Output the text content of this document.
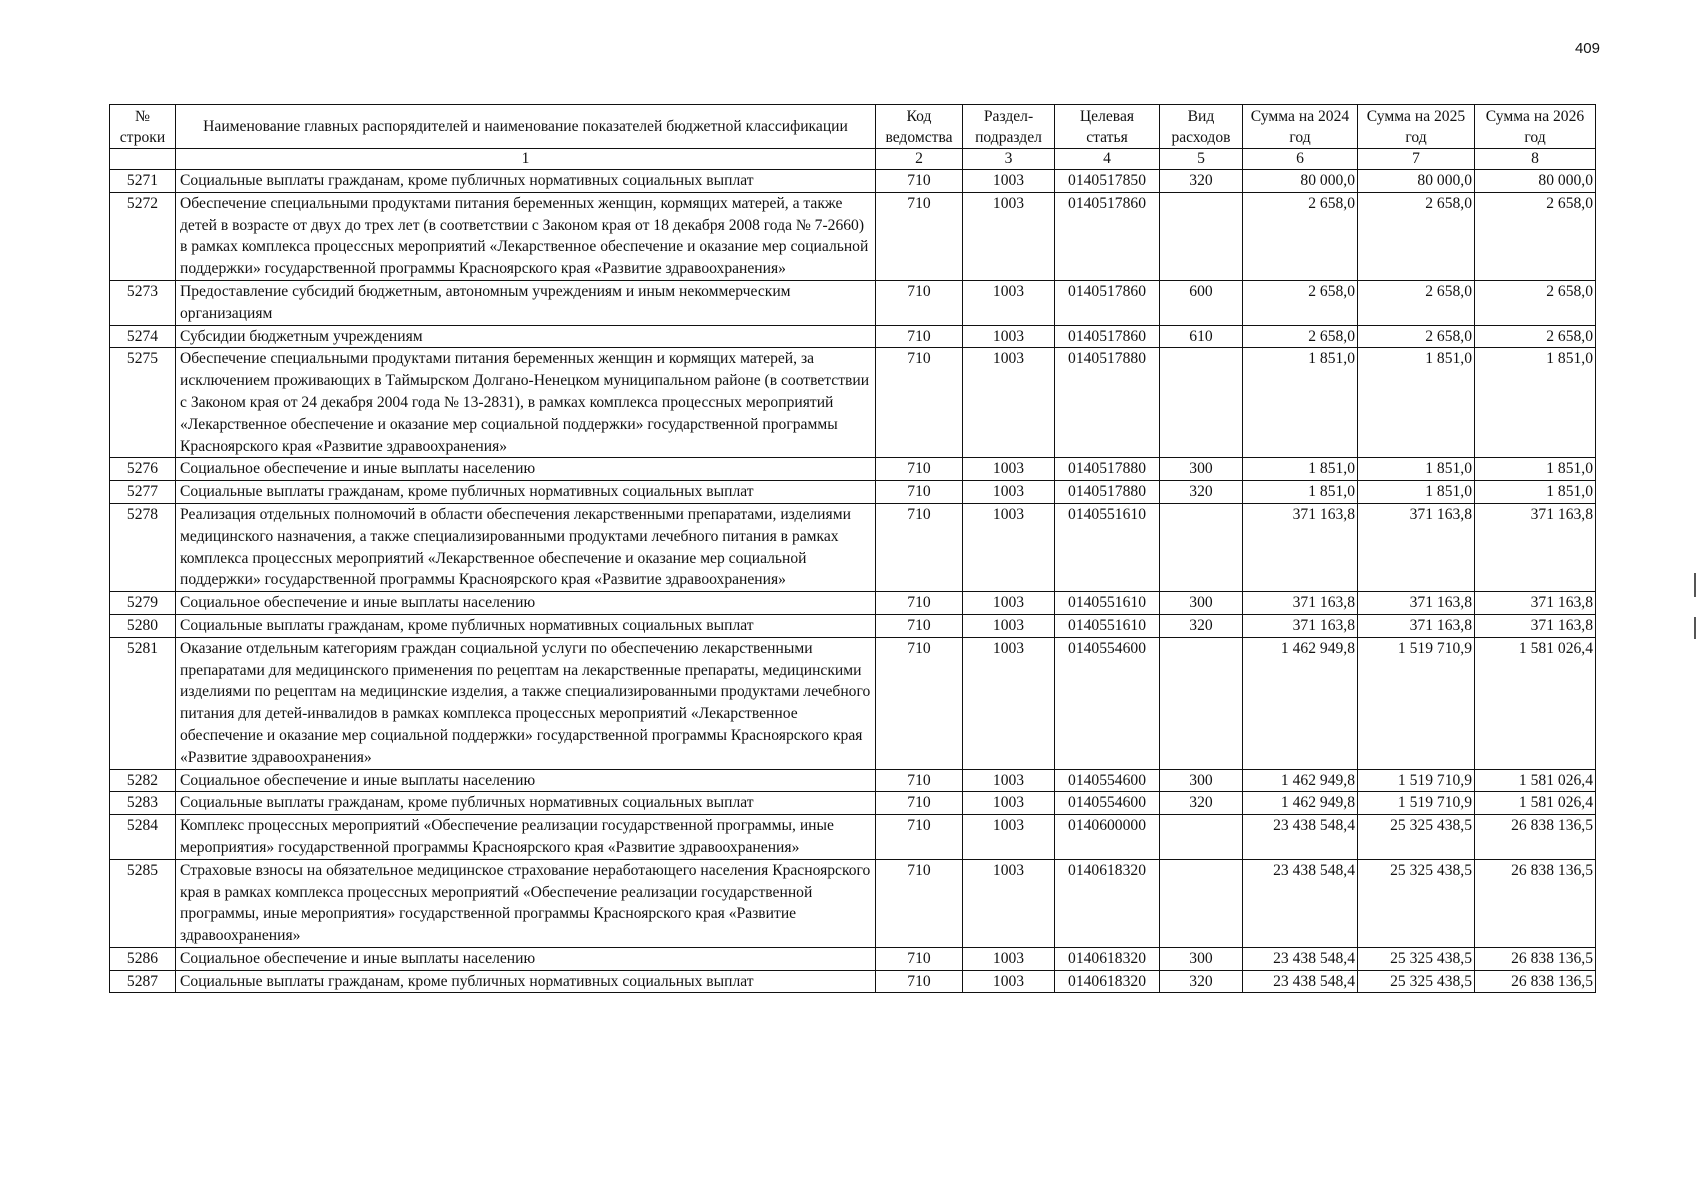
409
№ строки	Наименование главных распорядителей и наименование показателей бюджетной классификации	Код ведомства	Раздел-подраздел	Целевая статья	Вид расходов	Сумма на 2024 год	Сумма на 2025 год	Сумма на 2026 год
	1	2	3	4	5	6	7	8
5271	Социальные выплаты гражданам, кроме публичных нормативных социальных выплат	710	1003	0140517850	320	80 000,0	80 000,0	80 000,0
5272	Обеспечение специальными продуктами питания беременных женщин, кормящих матерей, а также детей в возрасте от двух до трех лет (в соответствии с Законом края от 18 декабря 2008 года № 7-2660) в рамках комплекса процессных мероприятий «Лекарственное обеспечение и оказание мер социальной поддержки» государственной программы Красноярского края «Развитие здравоохранения»	710	1003	0140517860		2 658,0	2 658,0	2 658,0
5273	Предоставление субсидий бюджетным, автономным учреждениям и иным некоммерческим организациям	710	1003	0140517860	600	2 658,0	2 658,0	2 658,0
5274	Субсидии бюджетным учреждениям	710	1003	0140517860	610	2 658,0	2 658,0	2 658,0
5275	Обеспечение специальными продуктами питания беременных женщин и кормящих матерей, за исключением проживающих в Таймырском Долгано-Ненецком муниципальном районе (в соответствии с Законом края от 24 декабря 2004 года № 13-2831), в рамках комплекса процессных мероприятий «Лекарственное обеспечение и оказание мер социальной поддержки» государственной программы Красноярского края «Развитие здравоохранения»	710	1003	0140517880		1 851,0	1 851,0	1 851,0
5276	Социальное обеспечение и иные выплаты населению	710	1003	0140517880	300	1 851,0	1 851,0	1 851,0
5277	Социальные выплаты гражданам, кроме публичных нормативных социальных выплат	710	1003	0140517880	320	1 851,0	1 851,0	1 851,0
5278	Реализация отдельных полномочий в области обеспечения лекарственными препаратами, изделиями медицинского назначения, а также специализированными продуктами лечебного питания в рамках комплекса процессных мероприятий «Лекарственное обеспечение и оказание мер социальной поддержки» государственной программы Красноярского края «Развитие здравоохранения»	710	1003	0140551610		371 163,8	371 163,8	371 163,8
5279	Социальное обеспечение и иные выплаты населению	710	1003	0140551610	300	371 163,8	371 163,8	371 163,8
5280	Социальные выплаты гражданам, кроме публичных нормативных социальных выплат	710	1003	0140551610	320	371 163,8	371 163,8	371 163,8
5281	Оказание отдельным категориям граждан социальной услуги по обеспечению лекарственными препаратами для медицинского применения по рецептам на лекарственные препараты, медицинскими изделиями по рецептам на медицинские изделия, а также специализированными продуктами лечебного питания для детей-инвалидов в рамках комплекса процессных мероприятий «Лекарственное обеспечение и оказание мер социальной поддержки» государственной программы Красноярского края «Развитие здравоохранения»	710	1003	0140554600		1 462 949,8	1 519 710,9	1 581 026,4
5282	Социальное обеспечение и иные выплаты населению	710	1003	0140554600	300	1 462 949,8	1 519 710,9	1 581 026,4
5283	Социальные выплаты гражданам, кроме публичных нормативных социальных выплат	710	1003	0140554600	320	1 462 949,8	1 519 710,9	1 581 026,4
5284	Комплекс процессных мероприятий «Обеспечение реализации государственной программы, иные мероприятия» государственной программы Красноярского края «Развитие здравоохранения»	710	1003	0140600000		23 438 548,4	25 325 438,5	26 838 136,5
5285	Страховые взносы на обязательное медицинское страхование неработающего населения Красноярского края в рамках комплекса процессных мероприятий «Обеспечение реализации государственной программы, иные мероприятия» государственной программы Красноярского края «Развитие здравоохранения»	710	1003	0140618320		23 438 548,4	25 325 438,5	26 838 136,5
5286	Социальное обеспечение и иные выплаты населению	710	1003	0140618320	300	23 438 548,4	25 325 438,5	26 838 136,5
5287	Социальные выплаты гражданам, кроме публичных нормативных социальных выплат	710	1003	0140618320	320	23 438 548,4	25 325 438,5	26 838 136,5
